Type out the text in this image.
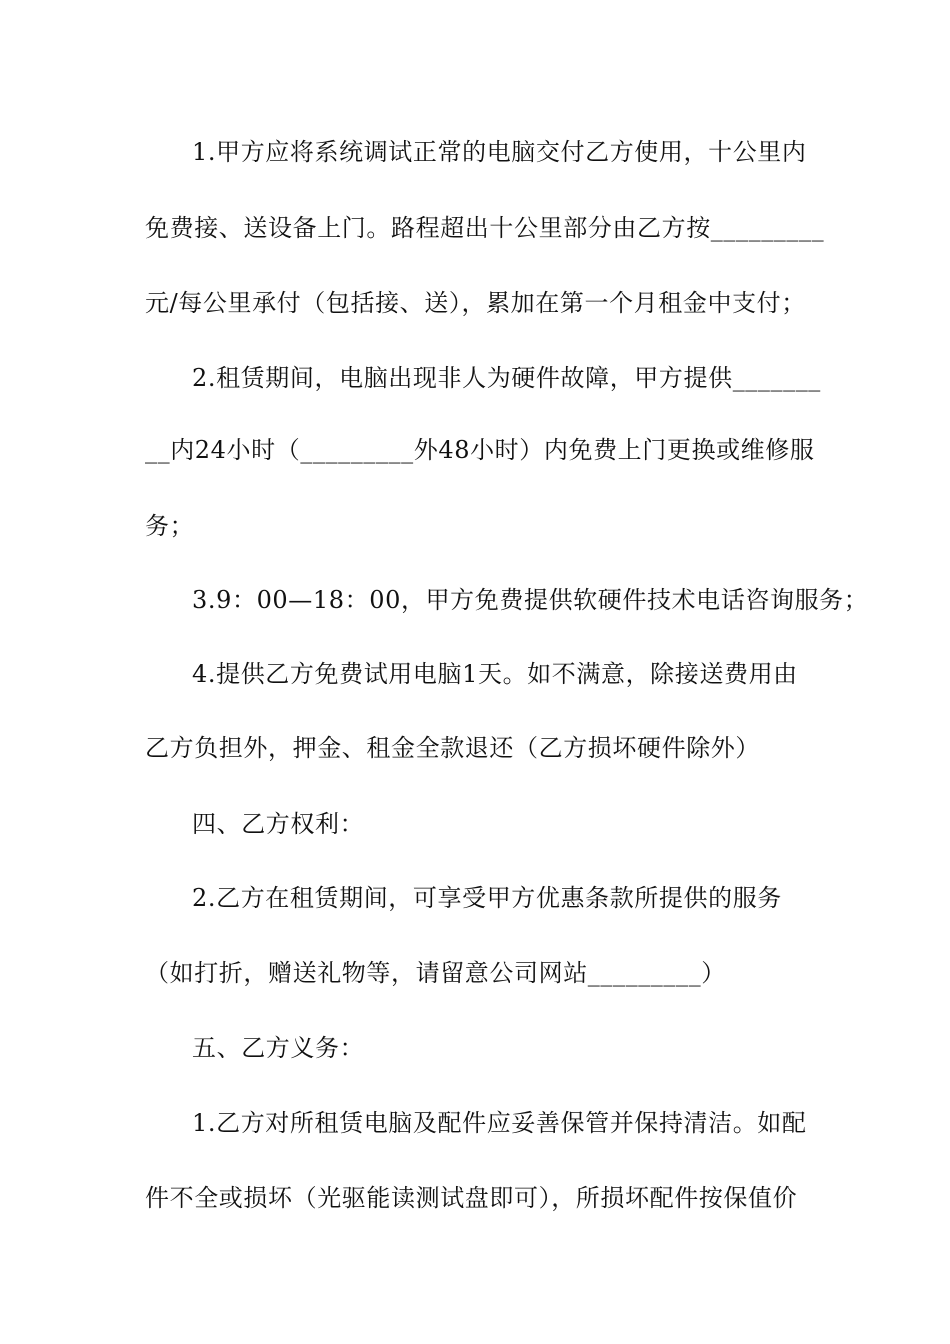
1.甲方应将系统调试正常的电脑交付乙方使用，十公里内
免费接、送设备上门。路程超出十公里部分由乙方按_________
元/每公里承付（包括接、送），累加在第一个月租金中支付；
2.租赁期间，电脑出现非人为硬件故障，甲方提供_______
__内24小时（_________外48小时）内免费上门更换或维修服
务；
3.9：00—18：00，甲方免费提供软硬件技术电话咨询服务；
4.提供乙方免费试用电脑1天。如不满意，除接送费用由
乙方负担外，押金、租金全款退还（乙方损坏硬件除外）
四、乙方权利：
2.乙方在租赁期间，可享受甲方优惠条款所提供的服务
（如打折，赠送礼物等，请留意公司网站_________）
五、乙方义务：
1.乙方对所租赁电脑及配件应妥善保管并保持清洁。如配
件不全或损坏（光驱能读测试盘即可），所损坏配件按保值价
